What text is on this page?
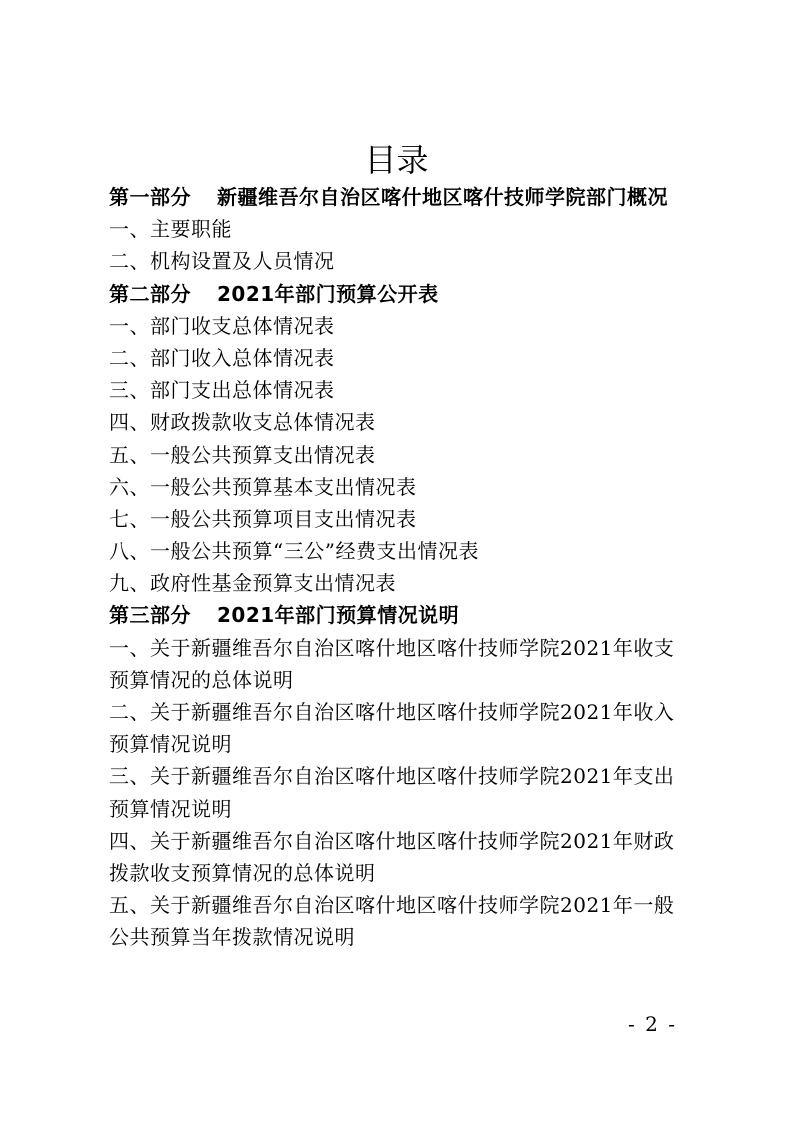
目录
第一部分 新疆维吾尔自治区喀什地区喀什技师学院部门概况
一、主要职能
二、机构设置及人员情况
第二部分 2021年部门预算公开表
一、部门收支总体情况表
二、部门收入总体情况表
三、部门支出总体情况表
四、财政拨款收支总体情况表
五、一般公共预算支出情况表
六、一般公共预算基本支出情况表
七、一般公共预算项目支出情况表
八、一般公共预算“三公”经费支出情况表
九、政府性基金预算支出情况表
第三部分 2021年部门预算情况说明
一、关于新疆维吾尔自治区喀什地区喀什技师学院2021年收支
预算情况的总体说明
二、关于新疆维吾尔自治区喀什地区喀什技师学院2021年收入
预算情况说明
三、关于新疆维吾尔自治区喀什地区喀什技师学院2021年支出
预算情况说明
四、关于新疆维吾尔自治区喀什地区喀什技师学院2021年财政
拨款收支预算情况的总体说明
五、关于新疆维吾尔自治区喀什地区喀什技师学院2021年一般
公共预算当年拨款情况说明
- 2 -
